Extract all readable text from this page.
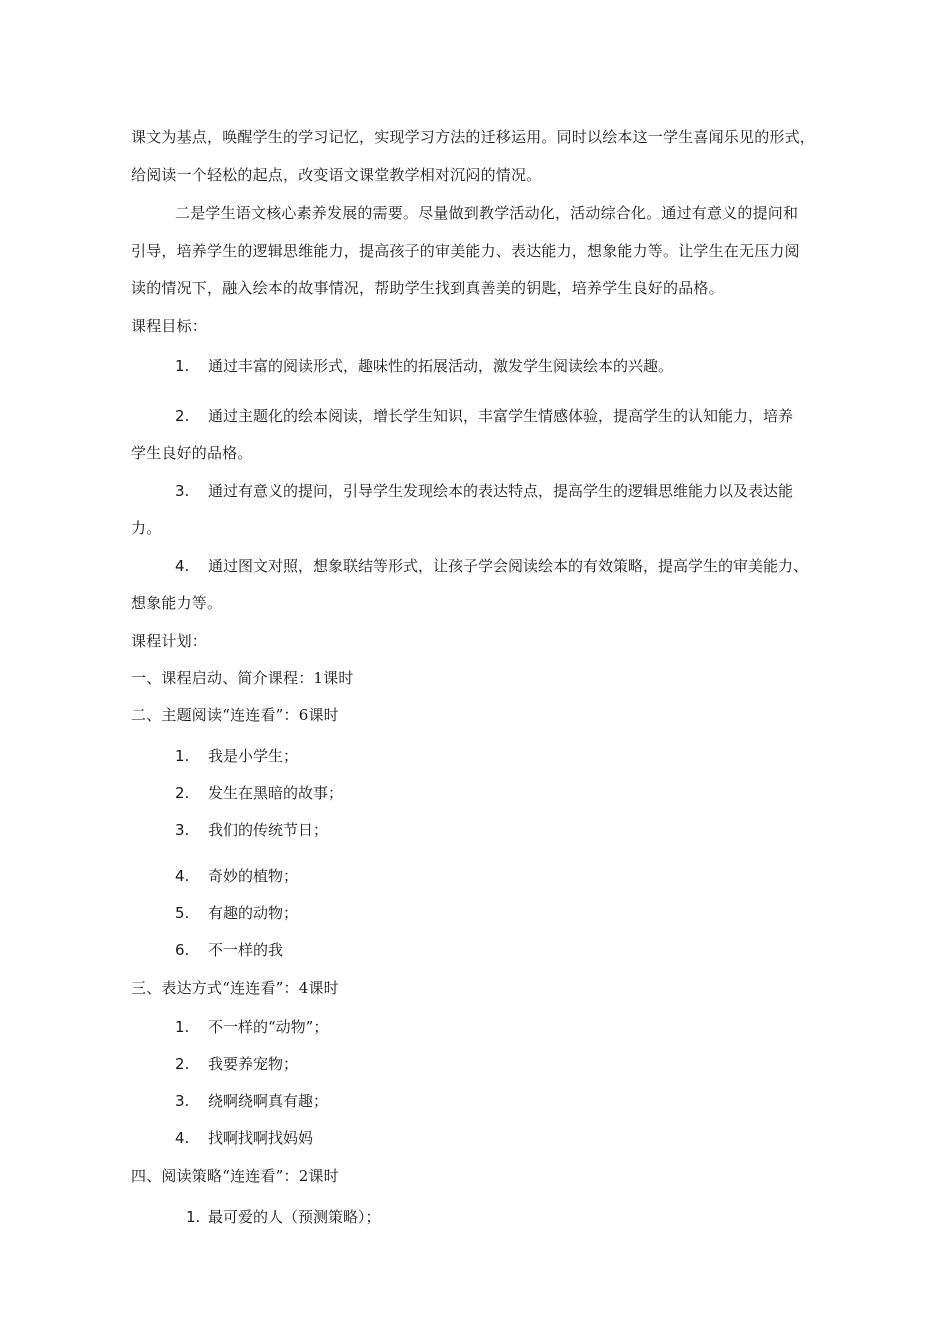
课文为基点，唤醒学生的学习记忆，实现学习方法的迁移运用。同时以绘本这一学生喜闻乐见的形式，
给阅读一个轻松的起点，改变语文课堂教学相对沉闷的情况。
二是学生语文核心素养发展的需要。尽量做到教学活动化，活动综合化。通过有意义的提问和
引导，培养学生的逻辑思维能力，提高孩子的审美能力、表达能力，想象能力等。让学生在无压力阅
读的情况下，融入绘本的故事情况，帮助学生找到真善美的钥匙，培养学生良好的品格。
课程目标：
1. 通过丰富的阅读形式，趣味性的拓展活动，激发学生阅读绘本的兴趣。
2. 通过主题化的绘本阅读，增长学生知识，丰富学生情感体验，提高学生的认知能力，培养
学生良好的品格。
3. 通过有意义的提问，引导学生发现绘本的表达特点，提高学生的逻辑思维能力以及表达能
力。
4. 通过图文对照，想象联结等形式，让孩子学会阅读绘本的有效策略，提高学生的审美能力、
想象能力等。
课程计划：
一、课程启动、简介课程：1课时
二、主题阅读“连连看”：6课时
1. 我是小学生；
2. 发生在黑暗的故事；
3. 我们的传统节日；
4. 奇妙的植物；
5. 有趣的动物；
6. 不一样的我
三、表达方式“连连看”：4课时
1. 不一样的“动物”；
2. 我要养宠物；
3. 绕啊绕啊真有趣；
4. 找啊找啊找妈妈
四、阅读策略“连连看”：2课时
1. 最可爱的人（预测策略）；
